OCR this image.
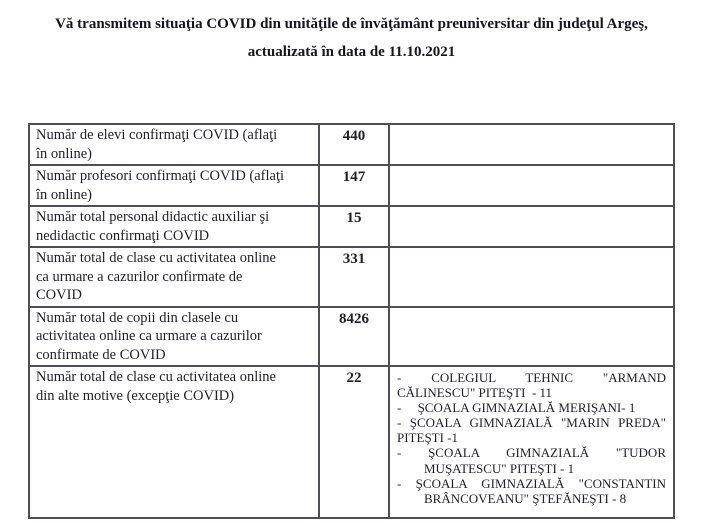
Vă transmitem situaţia COVID din unităţile de învăţământ preuniversitar din judeţul Argeş,
actualizată în data de 11.10.2021
Număr de elevi confirmaţi COVID (aflaţi
în online)	440	

Număr profesori confirmaţi COVID (aflaţi
în online)	147	

Număr total personal didactic auxiliar şi
nedidactic confirmaţi COVID	15	

Număr total de clase cu activitatea online
ca urmare a cazurilor confirmate de
COVID	331	

Număr total de copii din clasele cu
activitatea online ca urmare a cazurilor
confirmate de COVID	8426	

Număr total de clase cu activitatea online
din alte motive (excepţie COVID)
	22	- COLEGIUL TEHNIC "ARMAND
CĂLINESCU" PITEŞTI  - 11
-     ŞCOALA GIMNAZIALĂ MERIŞANI- 1
- ŞCOALA GIMNAZIALĂ "MARIN PREDA"
PITEŞTI -1
- ŞCOALA GIMNAZIALĂ "TUDOR
MUŞATESCU" PITEŞTI - 1
- ŞCOALA GIMNAZIALĂ "CONSTANTIN
BRÂNCOVEANU" ŞTEFĂNEŞTI - 8
